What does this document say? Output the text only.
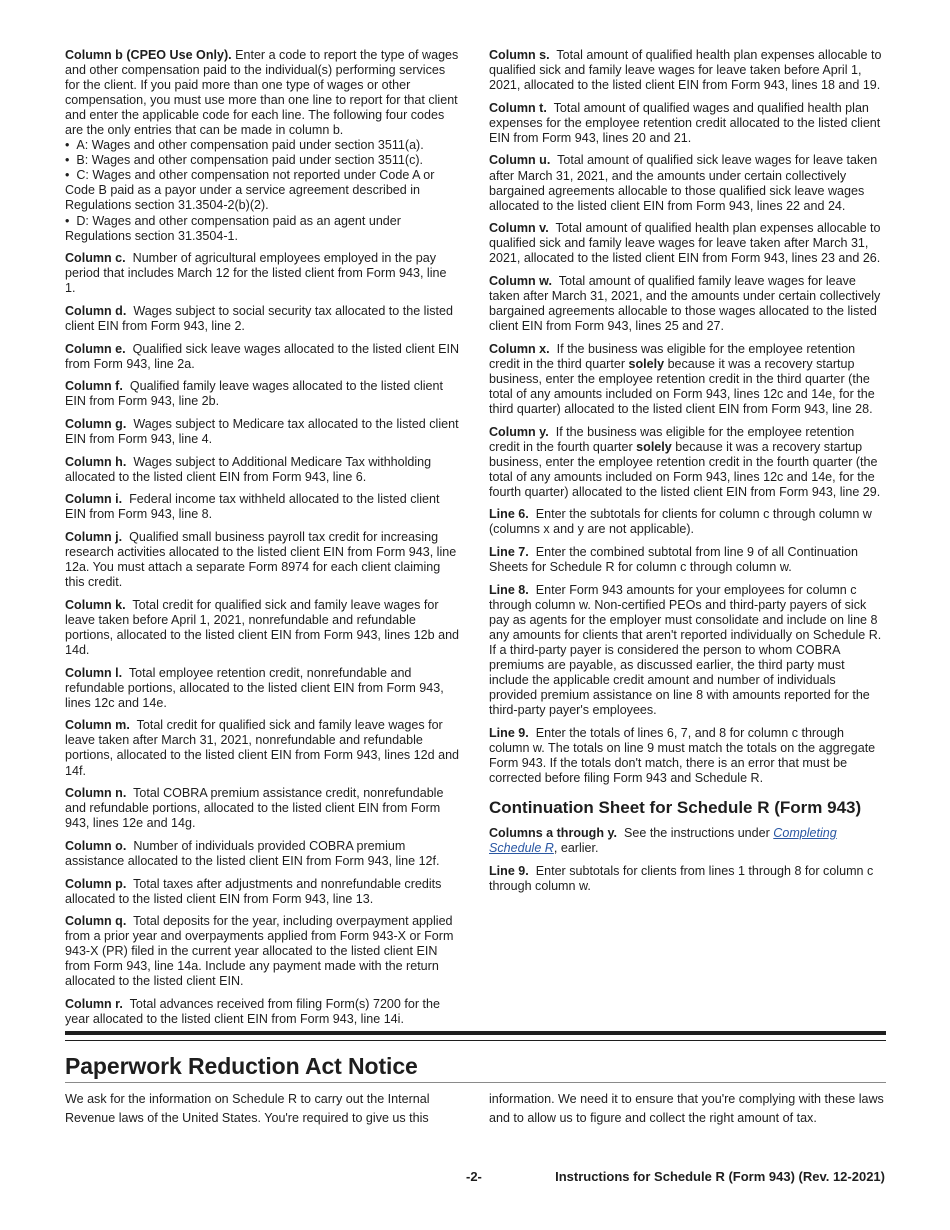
Column b (CPEO Use Only). Enter a code to report the type of wages and other compensation paid to the individual(s) performing services for the client. If you paid more than one type of wages or other compensation, you must use more than one line to report for that client and enter the applicable code for each line. The following four codes are the only entries that can be made in column b.

•  A: Wages and other compensation paid under section 3511(a).

•  B: Wages and other compensation paid under section 3511(c).

•  C: Wages and other compensation not reported under Code A or Code B paid as a payor under a service agreement described in Regulations section 31.3504-2(b)(2).

•  D: Wages and other compensation paid as an agent under Regulations section 31.3504-1.

Column c. Number of agricultural employees employed in the pay period that includes March 12 for the listed client from Form 943, line 1.

Column d. Wages subject to social security tax allocated to the listed client EIN from Form 943, line 2.

Column e. Qualified sick leave wages allocated to the listed client EIN from Form 943, line 2a.

Column f. Qualified family leave wages allocated to the listed client EIN from Form 943, line 2b.

Column g. Wages subject to Medicare tax allocated to the listed client EIN from Form 943, line 4.

Column h. Wages subject to Additional Medicare Tax withholding allocated to the listed client EIN from Form 943, line 6.

Column i. Federal income tax withheld allocated to the listed client EIN from Form 943, line 8.

Column j. Qualified small business payroll tax credit for increasing research activities allocated to the listed client EIN from Form 943, line 12a. You must attach a separate Form 8974 for each client claiming this credit.

Column k. Total credit for qualified sick and family leave wages for leave taken before April 1, 2021, nonrefundable and refundable portions, allocated to the listed client EIN from Form 943, lines 12b and 14d.

Column l. Total employee retention credit, nonrefundable and refundable portions, allocated to the listed client EIN from Form 943, lines 12c and 14e.

Column m. Total credit for qualified sick and family leave wages for leave taken after March 31, 2021, nonrefundable and refundable portions, allocated to the listed client EIN from Form 943, lines 12d and 14f.

Column n. Total COBRA premium assistance credit, nonrefundable and refundable portions, allocated to the listed client EIN from Form 943, lines 12e and 14g.

Column o. Number of individuals provided COBRA premium assistance allocated to the listed client EIN from Form 943, line 12f.

Column p. Total taxes after adjustments and nonrefundable credits allocated to the listed client EIN from Form 943, line 13.

Column q. Total deposits for the year, including overpayment applied from a prior year and overpayments applied from Form 943-X or Form 943-X (PR) filed in the current year allocated to the listed client EIN from Form 943, line 14a. Include any payment made with the return allocated to the listed client EIN.

Column r. Total advances received from filing Form(s) 7200 for the year allocated to the listed client EIN from Form 943, line 14i.

Column s. Total amount of qualified health plan expenses allocable to qualified sick and family leave wages for leave taken before April 1, 2021, allocated to the listed client EIN from Form 943, lines 18 and 19.

Column t. Total amount of qualified wages and qualified health plan expenses for the employee retention credit allocated to the listed client EIN from Form 943, lines 20 and 21.

Column u. Total amount of qualified sick leave wages for leave taken after March 31, 2021, and the amounts under certain collectively bargained agreements allocable to those qualified sick leave wages allocated to the listed client EIN from Form 943, lines 22 and 24.

Column v. Total amount of qualified health plan expenses allocable to qualified sick and family leave wages for leave taken after March 31, 2021, allocated to the listed client EIN from Form 943, lines 23 and 26.

Column w. Total amount of qualified family leave wages for leave taken after March 31, 2021, and the amounts under certain collectively bargained agreements allocable to those wages allocated to the listed client EIN from Form 943, lines 25 and 27.

Column x. If the business was eligible for the employee retention credit in the third quarter solely because it was a recovery startup business, enter the employee retention credit in the third quarter (the total of any amounts included on Form 943, lines 12c and 14e, for the third quarter) allocated to the listed client EIN from Form 943, line 28.

Column y. If the business was eligible for the employee retention credit in the fourth quarter solely because it was a recovery startup business, enter the employee retention credit in the fourth quarter (the total of any amounts included on Form 943, lines 12c and 14e, for the fourth quarter) allocated to the listed client EIN from Form 943, line 29.

Line 6. Enter the subtotals for clients for column c through column w (columns x and y are not applicable).

Line 7. Enter the combined subtotal from line 9 of all Continuation Sheets for Schedule R for column c through column w.

Line 8. Enter Form 943 amounts for your employees for column c through column w. Non-certified PEOs and third-party payers of sick pay as agents for the employer must consolidate and include on line 8 any amounts for clients that aren't reported individually on Schedule R. If a third-party payer is considered the person to whom COBRA premiums are payable, as discussed earlier, the third party must include the applicable credit amount and number of individuals provided premium assistance on line 8 with amounts reported for the third-party payer's employees.

Line 9. Enter the totals of lines 6, 7, and 8 for column c through column w. The totals on line 9 must match the totals on the aggregate Form 943. If the totals don't match, there is an error that must be corrected before filing Form 943 and Schedule R.

Continuation Sheet for Schedule R (Form 943)

Columns a through y. See the instructions under Completing Schedule R, earlier.

Line 9. Enter subtotals for clients from lines 1 through 8 for column c through column w.

Paperwork Reduction Act Notice

We ask for the information on Schedule R to carry out the Internal Revenue laws of the United States. You're required to give us this

information. We need it to ensure that you're complying with these laws and to allow us to figure and collect the right amount of tax.

-2-	Instructions for Schedule R (Form 943) (Rev. 12-2021)
